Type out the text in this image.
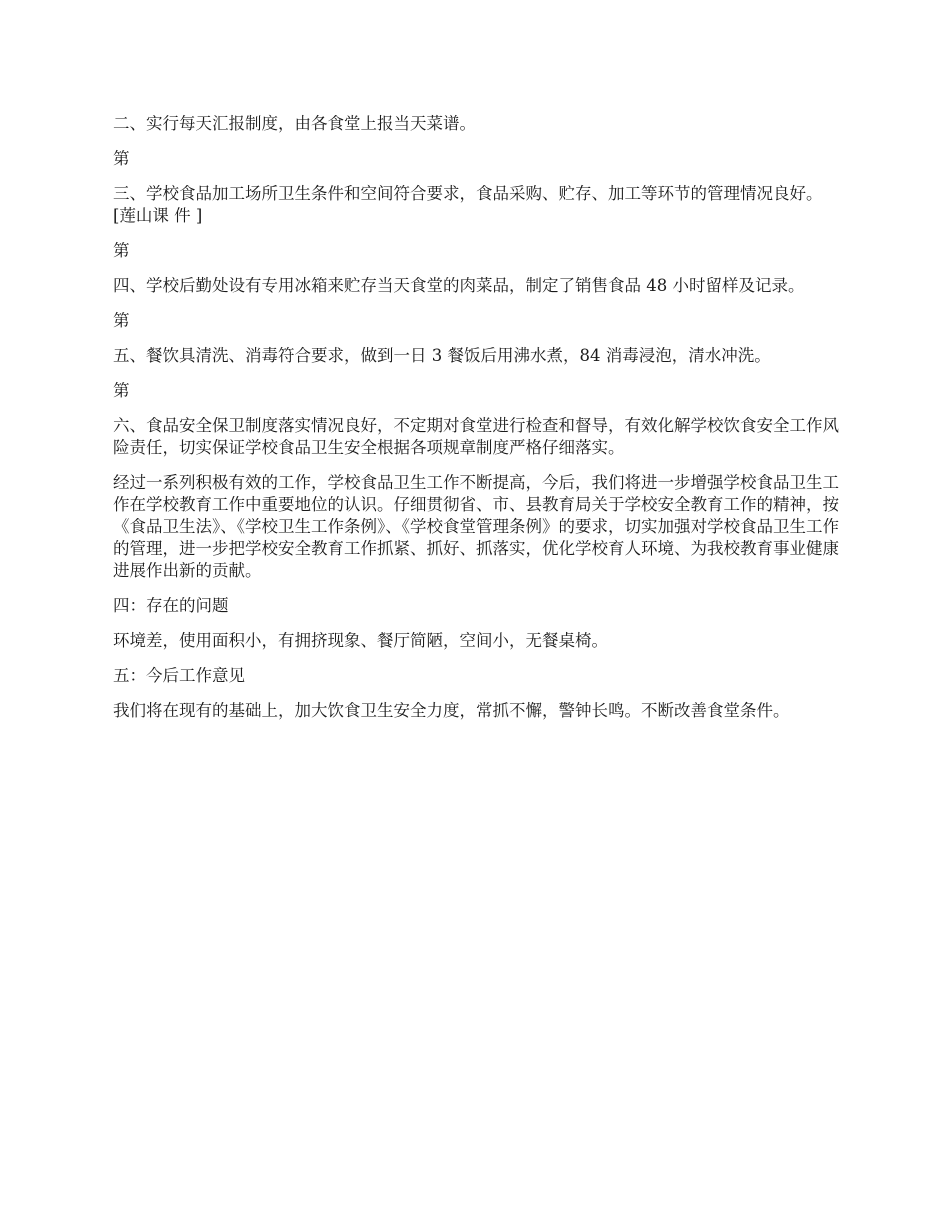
二、实行每天汇报制度，由各食堂上报当天菜谱。

第

三、学校食品加工场所卫生条件和空间符合要求，食品采购、贮存、加工等环节的管理情况良好。[莲山课 件 ]

第

四、学校后勤处设有专用冰箱来贮存当天食堂的肉菜品，制定了销售食品 48 小时留样及记录。

第

五、餐饮具清洗、消毒符合要求，做到一日 3 餐饭后用沸水煮，84 消毒浸泡，清水冲洗。

第

六、食品安全保卫制度落实情况良好，不定期对食堂进行检查和督导，有效化解学校饮食安全工作风险责任，切实保证学校食品卫生安全根据各项规章制度严格仔细落实。

经过一系列积极有效的工作，学校食品卫生工作不断提高，今后，我们将进一步增强学校食品卫生工作在学校教育工作中重要地位的认识。仔细贯彻省、市、县教育局关于学校安全教育工作的精神，按《食品卫生法》、《学校卫生工作条例》、《学校食堂管理条例》的要求，切实加强对学校食品卫生工作的管理，进一步把学校安全教育工作抓紧、抓好、抓落实，优化学校育人环境、为我校教育事业健康进展作出新的贡献。

四：存在的问题

环境差，使用面积小，有拥挤现象、餐厅简陋，空间小，无餐桌椅。

五：今后工作意见

我们将在现有的基础上，加大饮食卫生安全力度，常抓不懈，警钟长鸣。不断改善食堂条件。
